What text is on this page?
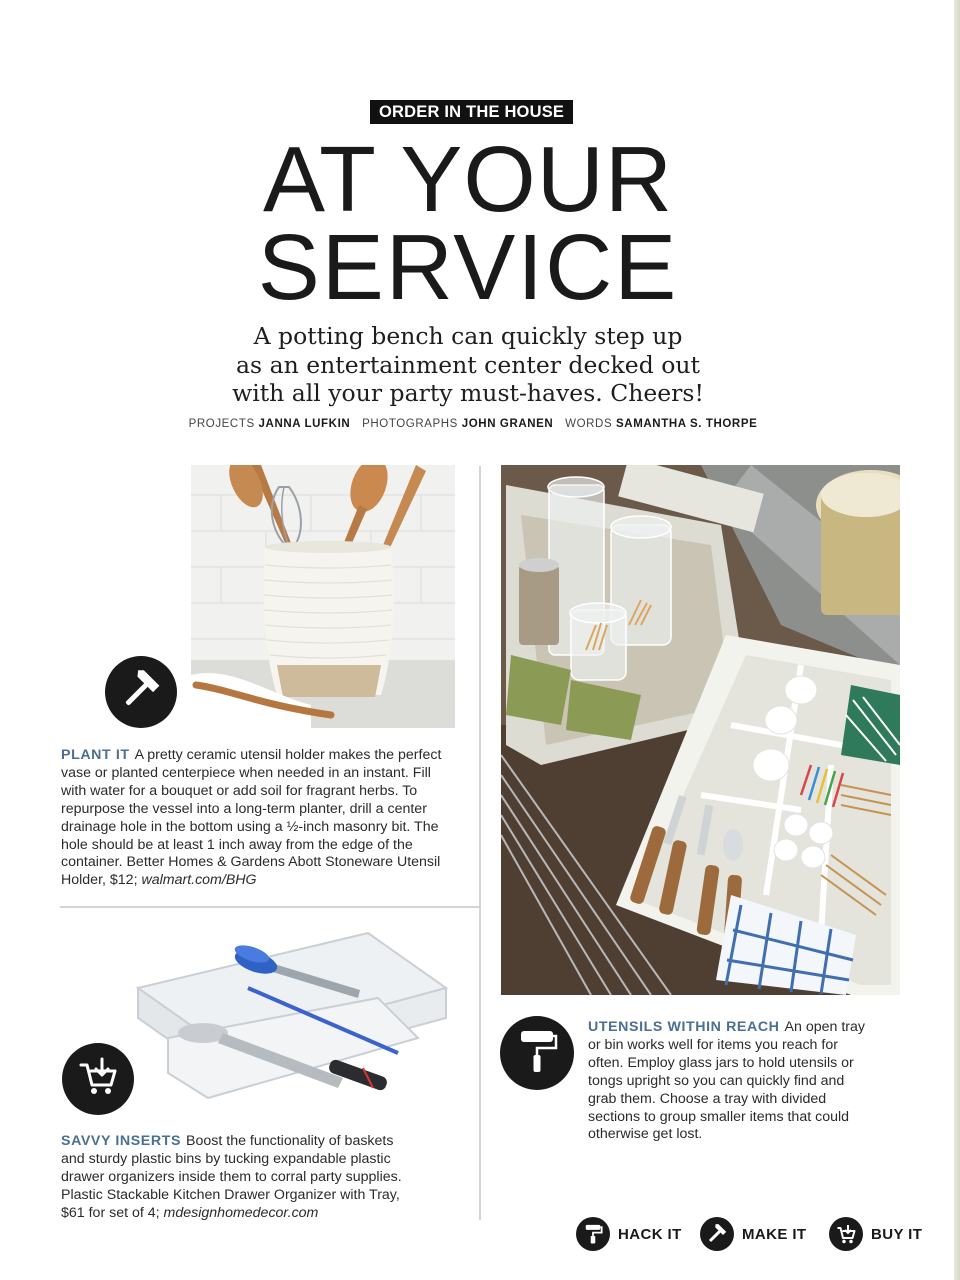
ORDER IN THE HOUSE
AT YOUR
SERVICE
A potting bench can quickly step up
as an entertainment center decked out
with all your party must-haves. Cheers!
PROJECTS JANNA LUFKIN PHOTOGRAPHS JOHN GRANEN WORDS SAMANTHA S. THORPE
PLANT IT A pretty ceramic utensil holder makes the perfect vase or planted centerpiece when needed in an instant. Fill with water for a bouquet or add soil for fragrant herbs. To repurpose the vessel into a long-term planter, drill a center drainage hole in the bottom using a ½-inch masonry bit. The hole should be at least 1 inch away from the edge of the container. Better Homes & Gardens Abott Stoneware Utensil Holder, $12; walmart.com/BHG
SAVVY INSERTS Boost the functionality of baskets and sturdy plastic bins by tucking expandable plastic drawer organizers inside them to corral party supplies. Plastic Stackable Kitchen Drawer Organizer with Tray, $61 for set of 4; mdesignhomedecor.com
UTENSILS WITHIN REACH An open tray or bin works well for items you reach for often. Employ glass jars to hold utensils or tongs upright so you can quickly find and grab them. Choose a tray with divided sections to group smaller items that could otherwise get lost.
HACK IT	MAKE IT	BUY IT
